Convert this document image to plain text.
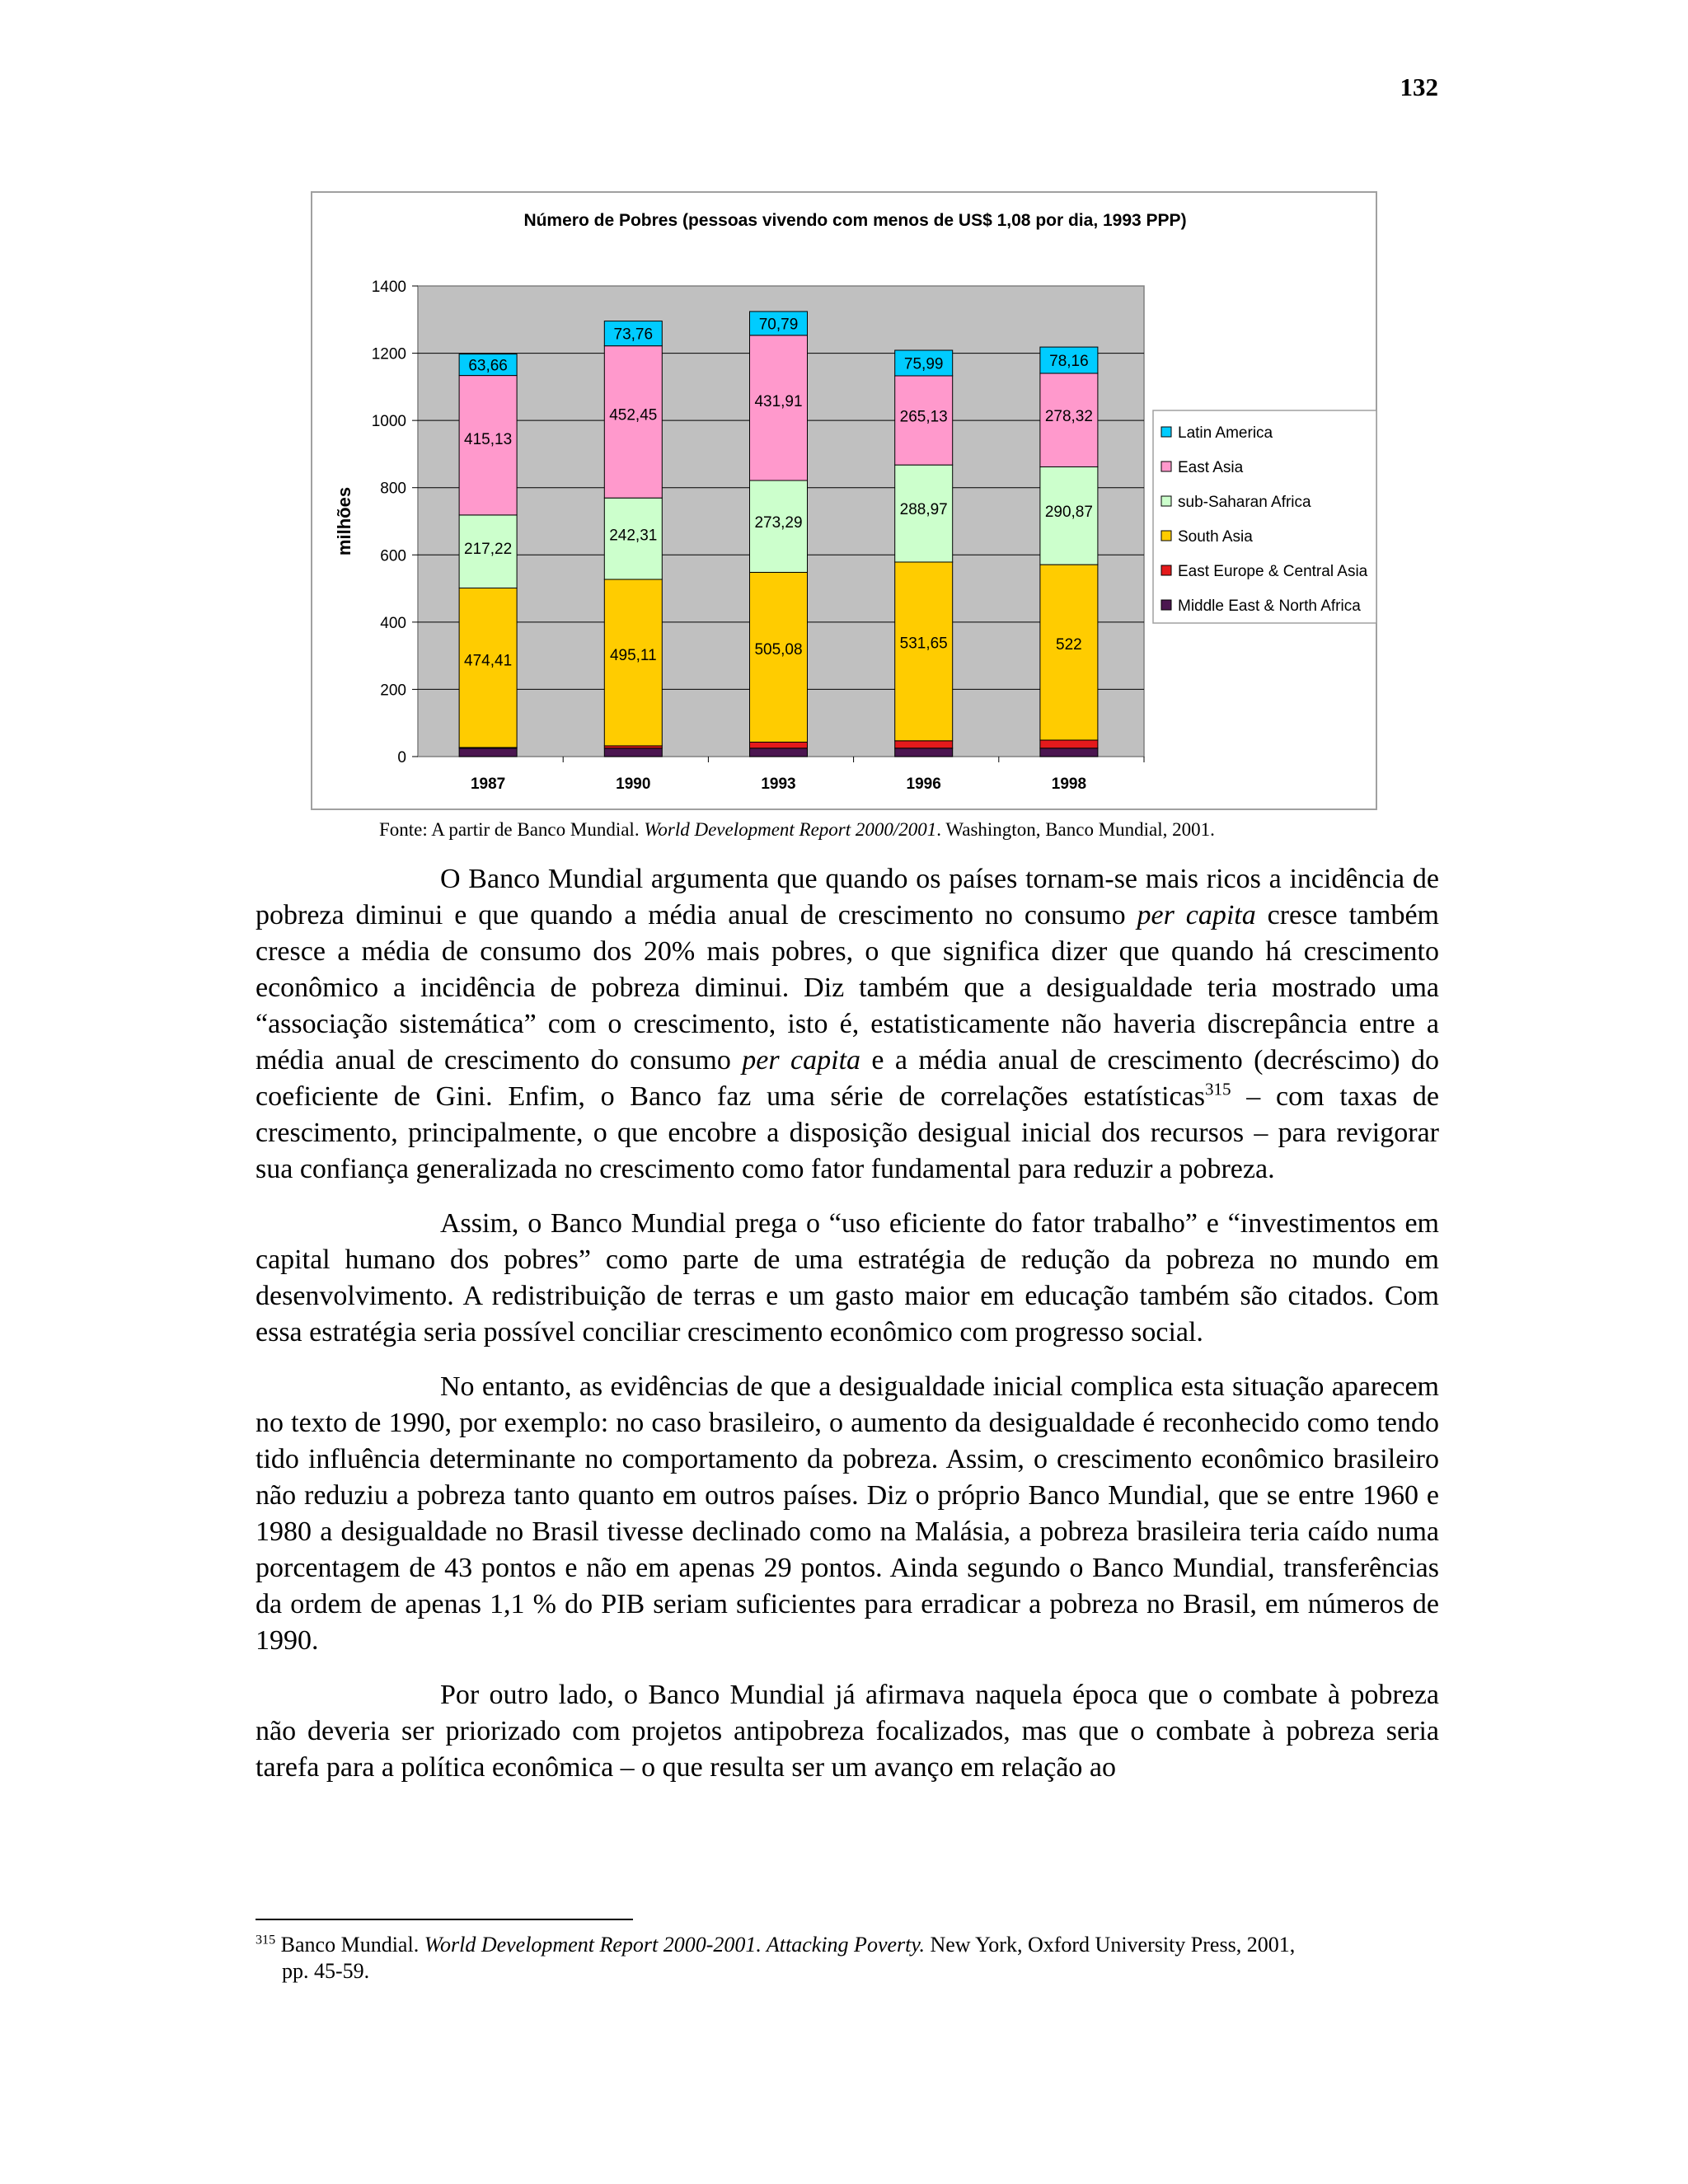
132
Número de Pobres (pessoas vivendo com menos de US$ 1,08 por dia, 1993 PPP)
0
200
400
600
800
1000
1200
1400
milhões
474,41
217,22
415,13
63,66
1987
495,11
242,31
452,45
73,76
1990
505,08
273,29
431,91
70,79
1993
531,65
288,97
265,13
75,99
1996
522
290,87
278,32
78,16
1998
Latin America
East Asia
sub-Saharan Africa
South Asia
East Europe & Central Asia
Middle East & North Africa
Fonte: A partir de Banco Mundial. World Development Report 2000/2001. Washington, Banco Mundial, 2001.

O Banco Mundial argumenta que quando os países tornam-se mais ricos a incidência de pobreza diminui e que quando a média anual de crescimento no consumo per capita cresce também cresce a média de consumo dos 20% mais pobres, o que significa dizer que quando há crescimento econômico a incidência de pobreza diminui. Diz também que a desigualdade teria mostrado uma “associação sistemática” com o crescimento, isto é, estatisticamente não haveria discrepância entre a média anual de crescimento do consumo per capita e a média anual de crescimento (decréscimo) do coeficiente de Gini. Enfim, o Banco faz uma série de correlações estatísticas$^{315}$ – com taxas de crescimento, principalmente, o que encobre a disposição desigual inicial dos recursos – para revigorar sua confiança generalizada no crescimento como fator fundamental para reduzir a pobreza.

Assim, o Banco Mundial prega o “uso eficiente do fator trabalho” e “investimentos em capital humano dos pobres” como parte de uma estratégia de redução da pobreza no mundo em desenvolvimento. A redistribuição de terras e um gasto maior em educação também são citados. Com essa estratégia seria possível conciliar crescimento econômico com progresso social.

No entanto, as evidências de que a desigualdade inicial complica esta situação aparecem no texto de 1990, por exemplo: no caso brasileiro, o aumento da desigualdade é reconhecido como tendo tido influência determinante no comportamento da pobreza. Assim, o crescimento econômico brasileiro não reduziu a pobreza tanto quanto em outros países. Diz o próprio Banco Mundial, que se entre 1960 e 1980 a desigualdade no Brasil tivesse declinado como na Malásia, a pobreza brasileira teria caído numa porcentagem de 43 pontos e não em apenas 29 pontos. Ainda segundo o Banco Mundial, transferências da ordem de apenas 1,1 % do PIB seriam suficientes para erradicar a pobreza no Brasil, em números de 1990.

Por outro lado, o Banco Mundial já afirmava naquela época que o combate à pobreza não deveria ser priorizado com projetos antipobreza focalizados, mas que o combate à pobreza seria tarefa para a política econômica – o que resulta ser um avanço em relação ao

$^{315}$ Banco Mundial. World Development Report 2000-2001. Attacking Poverty. New York, Oxford University Press, 2001,
pp. 45-59.
